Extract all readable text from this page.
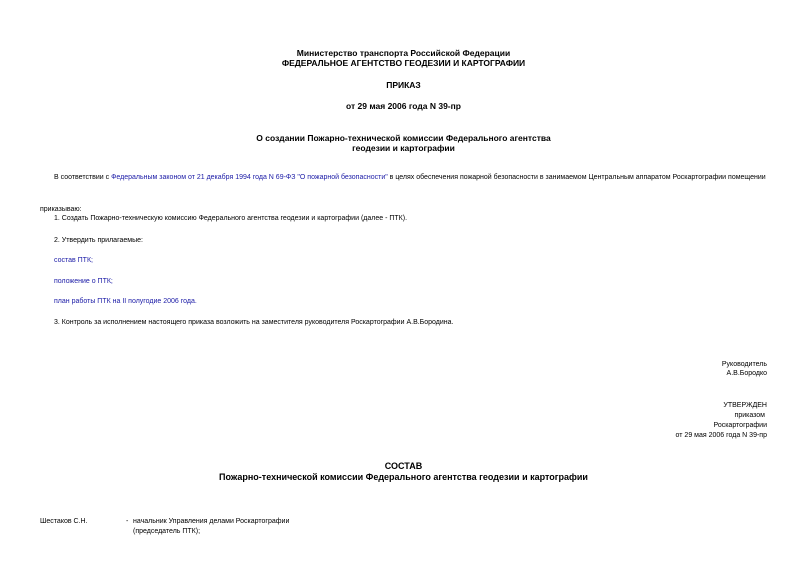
Министерство транспорта Российской Федерации
ФЕДЕРАЛЬНОЕ АГЕНТСТВО ГЕОДЕЗИИ И КАРТОГРАФИИ
ПРИКАЗ
от 29 мая 2006 года N 39-пр
О создании Пожарно-технической комиссии Федерального агентства
геодезии и картографии
В соответствии с Федеральным законом от 21 декабря 1994 года N 69-ФЗ "О пожарной безопасности" в целях обеспечения пожарной безопасности в занимаемом Центральным аппаратом Роскартографии помещении
приказываю:
1. Создать Пожарно-техническую комиссию Федерального агентства геодезии и картографии (далее - ПТК).
2. Утвердить прилагаемые:
состав ПТК;
положение о ПТК;
план работы ПТК на II полугодие 2006 года.
3. Контроль за исполнением настоящего приказа возложить на заместителя руководителя Роскартографии А.В.Бородина.
Руководитель
А.В.Бородко
УТВЕРЖДЕН
приказом
Роскартографии
от 29 мая 2006 года N 39-пр
СОСТАВ
Пожарно-технической комиссии Федерального агентства геодезии и картографии
Шестаков С.Н.	- начальник Управления делами Роскартографии
(председатель ПТК);
